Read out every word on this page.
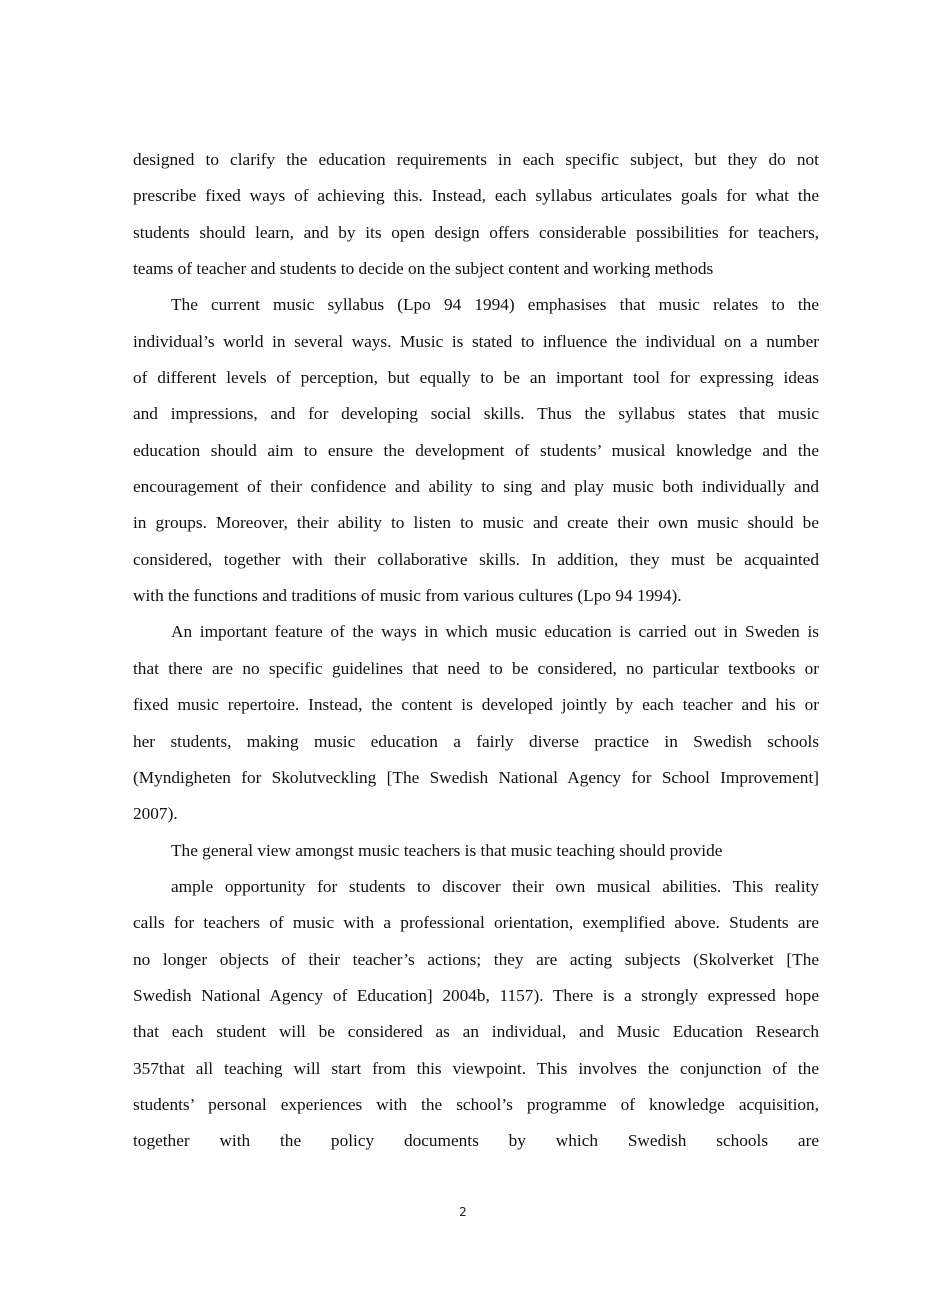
designed to clarify the education requirements in each specific subject, but they do not
prescribe fixed ways of achieving this. Instead, each syllabus articulates goals for what the
students should learn, and by its open design offers considerable possibilities for teachers,
teams of teacher and students to decide on the subject content and working methods
The current music syllabus (Lpo 94 1994) emphasises that music relates to the
individual’s world in several ways. Music is stated to influence the individual on a number
of different levels of perception, but equally to be an important tool for expressing ideas
and impressions, and for developing social skills. Thus the syllabus states that music
education should aim to ensure the development of students’ musical knowledge and the
encouragement of their confidence and ability to sing and play music both individually and
in groups. Moreover, their ability to listen to music and create their own music should be
considered, together with their collaborative skills. In addition, they must be acquainted
with the functions and traditions of music from various cultures (Lpo 94 1994).
An important feature of the ways in which music education is carried out in Sweden is
that there are no specific guidelines that need to be considered, no particular textbooks or
fixed music repertoire. Instead, the content is developed jointly by each teacher and his or
her students, making music education a fairly diverse practice in Swedish schools
(Myndigheten for Skolutveckling [The Swedish National Agency for School Improvement]
2007).
The general view amongst music teachers is that music teaching should provide
ample opportunity for students to discover their own musical abilities. This reality
calls for teachers of music with a professional orientation, exemplified above. Students are
no longer objects of their teacher’s actions; they are acting subjects (Skolverket [The
Swedish National Agency of Education] 2004b, 1157). There is a strongly expressed hope
that each student will be considered as an individual, and Music Education Research
357that all teaching will start from this viewpoint. This involves the conjunction of the
students’ personal experiences with the school’s programme of knowledge acquisition,
together with the policy documents by which Swedish schools are
2
